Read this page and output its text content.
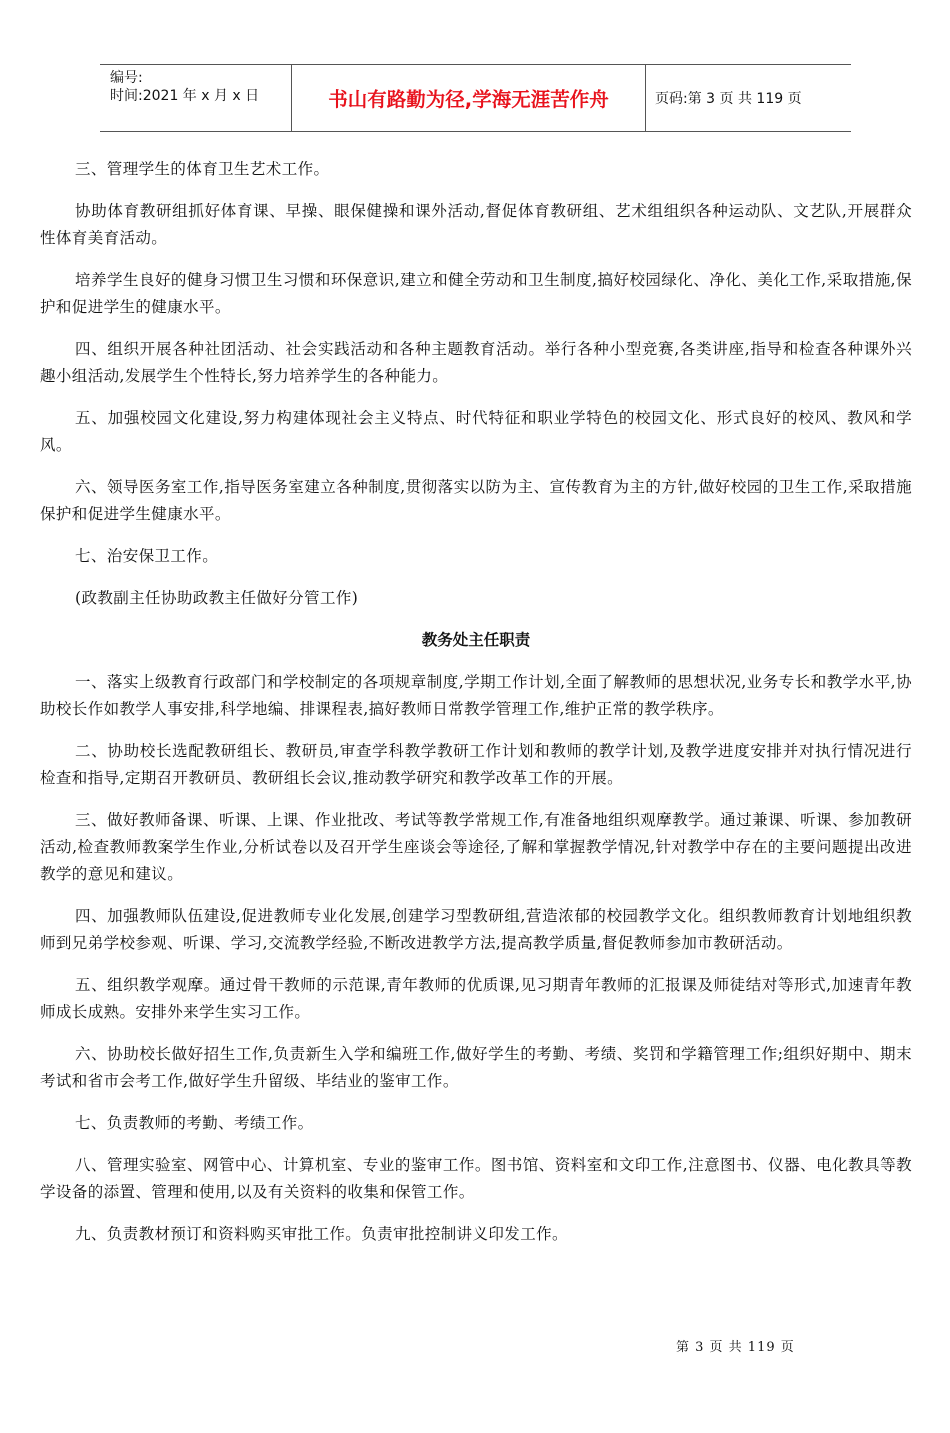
编号:
时间:2021 年 x 月 x 日	书山有路勤为径,学海无涯苦作舟	页码:第 3 页 共 119 页

三、管理学生的体育卫生艺术工作。

协助体育教研组抓好体育课、早操、眼保健操和课外活动,督促体育教研组、艺术组组织各种运动队、文艺队,开展群众性体育美育活动。

培养学生良好的健身习惯卫生习惯和环保意识,建立和健全劳动和卫生制度,搞好校园绿化、净化、美化工作,采取措施,保护和促进学生的健康水平。

四、组织开展各种社团活动、社会实践活动和各种主题教育活动。举行各种小型竞赛,各类讲座,指导和检查各种课外兴趣小组活动,发展学生个性特长,努力培养学生的各种能力。

五、加强校园文化建设,努力构建体现社会主义特点、时代特征和职业学特色的校园文化、形式良好的校风、教风和学风。

六、领导医务室工作,指导医务室建立各种制度,贯彻落实以防为主、宣传教育为主的方针,做好校园的卫生工作,采取措施保护和促进学生健康水平。

七、治安保卫工作。

(政教副主任协助政教主任做好分管工作)

教务处主任职责

一、落实上级教育行政部门和学校制定的各项规章制度,学期工作计划,全面了解教师的思想状况,业务专长和教学水平,协助校长作如教学人事安排,科学地编、排课程表,搞好教师日常教学管理工作,维护正常的教学秩序。

二、协助校长选配教研组长、教研员,审查学科教学教研工作计划和教师的教学计划,及教学进度安排并对执行情况进行检查和指导,定期召开教研员、教研组长会议,推动教学研究和教学改革工作的开展。

三、做好教师备课、听课、上课、作业批改、考试等教学常规工作,有准备地组织观摩教学。通过兼课、听课、参加教研活动,检查教师教案学生作业,分析试卷以及召开学生座谈会等途径,了解和掌握教学情况,针对教学中存在的主要问题提出改进教学的意见和建议。

四、加强教师队伍建设,促进教师专业化发展,创建学习型教研组,营造浓郁的校园教学文化。组织教师教育计划地组织教师到兄弟学校参观、听课、学习,交流教学经验,不断改进教学方法,提高教学质量,督促教师参加市教研活动。

五、组织教学观摩。通过骨干教师的示范课,青年教师的优质课,见习期青年教师的汇报课及师徒结对等形式,加速青年教师成长成熟。安排外来学生实习工作。

六、协助校长做好招生工作,负责新生入学和编班工作,做好学生的考勤、考绩、奖罚和学籍管理工作;组织好期中、期末考试和省市会考工作,做好学生升留级、毕结业的鉴审工作。

七、负责教师的考勤、考绩工作。

八、管理实验室、网管中心、计算机室、专业的鉴审工作。图书馆、资料室和文印工作,注意图书、仪器、电化教具等教学设备的添置、管理和使用,以及有关资料的收集和保管工作。

九、负责教材预订和资料购买审批工作。负责审批控制讲义印发工作。

第 3 页 共 119 页
